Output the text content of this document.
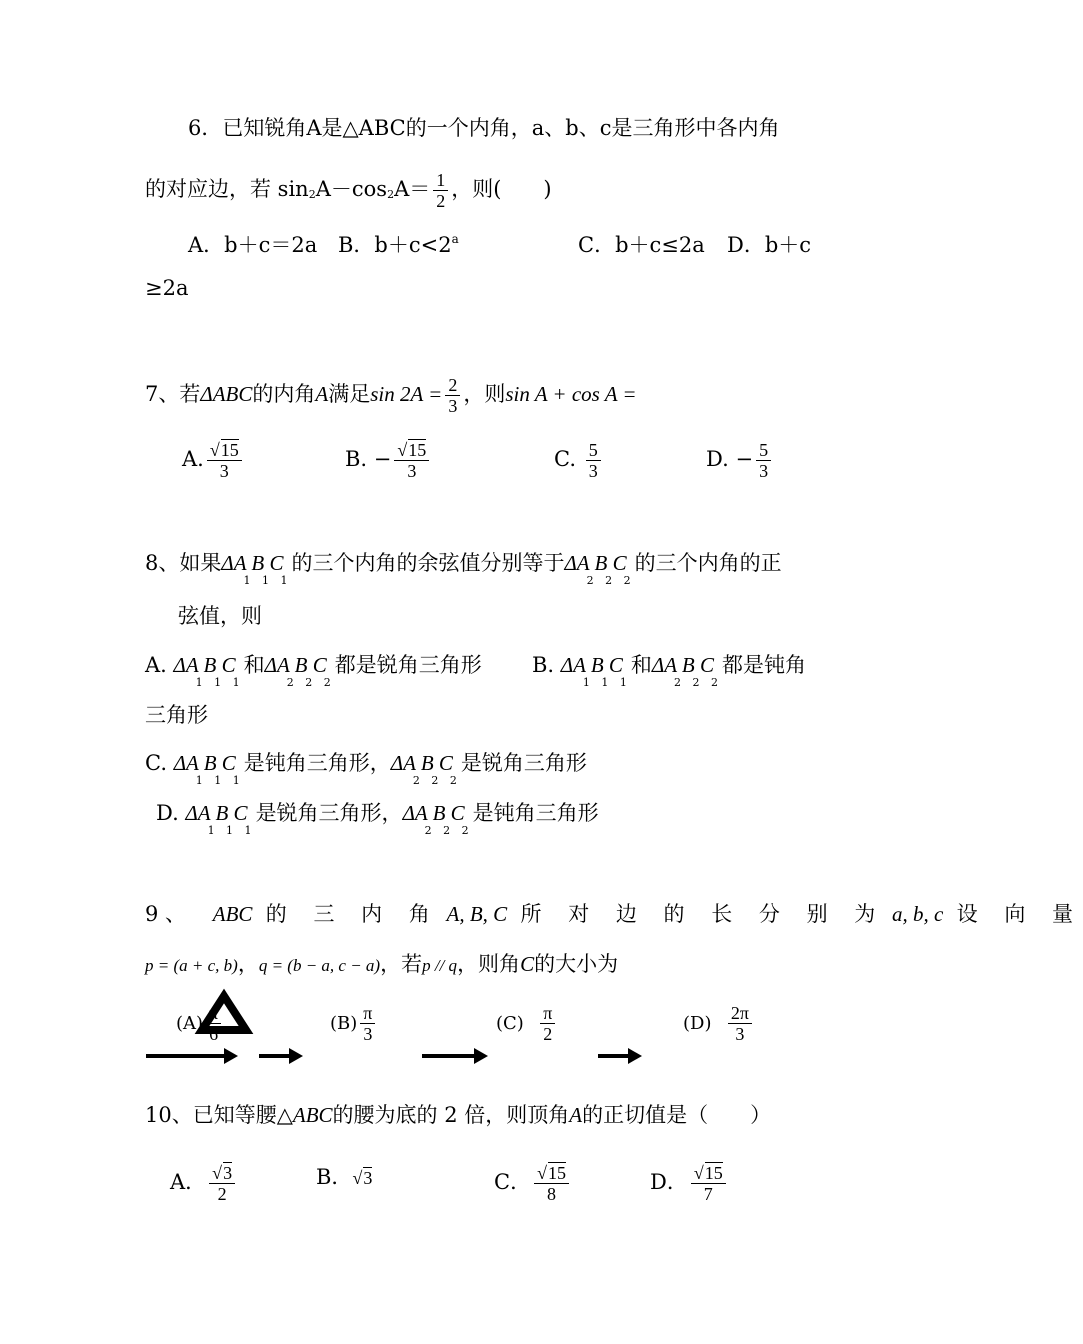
6．已知锐角A是△ABC的一个内角，a、b、c是三角形中各内角
的对应边，若 $\sin 2A-\cos 2A= \frac{1}{2}$ ，则(　　)
A．b＋c＝2a B．$b+c<2^a$	C．b＋c≤2a D．b＋c
≥2a
7、若ΔABC的内角A满足$\sin 2A = \frac{2}{3}$ ，则sin A + cos A =
A. $\frac{√15}{3}$	B. − $\frac{√15}{3}$	C. $\frac{5}{3}$	D. − $\frac{5}{3}$
8、如果ΔA B $C_{1 1 1}$的三个内角的余弦值分别等于ΔA B $C_{2 2 2}$的三个内角的正
弦值，则
A. ΔA B $C_{1 1 1}$和ΔA B $C_{2 2 2}$都是锐角三角形 B. ΔA B $C_{1 1 1}$和ΔA B $C_{2 2 2}$都是钝角
三角形
C. ΔA B $C_{1 1 1}$是钝角三角形，ΔA B $C_{2 2 2}$是锐角三角形
D. ΔA B $C_{1 1 1}$是锐角三角形，ΔA B $C_{2 2 2}$是钝角三角形
9 、 ABC 的 三 内 角 A, B, C 所 对 边 的 长 分 别 为 a, b, c 设 向 量
p = (a + c, b)，q = (b − a, c − a)，若p // q，则角C的大小为
$(A) \frac{\pi}{6}$	$(B) \frac{\pi}{3}$	$(C) \frac{\pi}{2}$	$(D) \frac{2\pi}{3}$
10、已知等腰△ABC的腰为底的 2 倍，则顶角A的正切值是（　　）
A． $\frac{√3}{2}$	B．√3	C． $\frac{√15}{8}$	D． $\frac{√15}{7}$
